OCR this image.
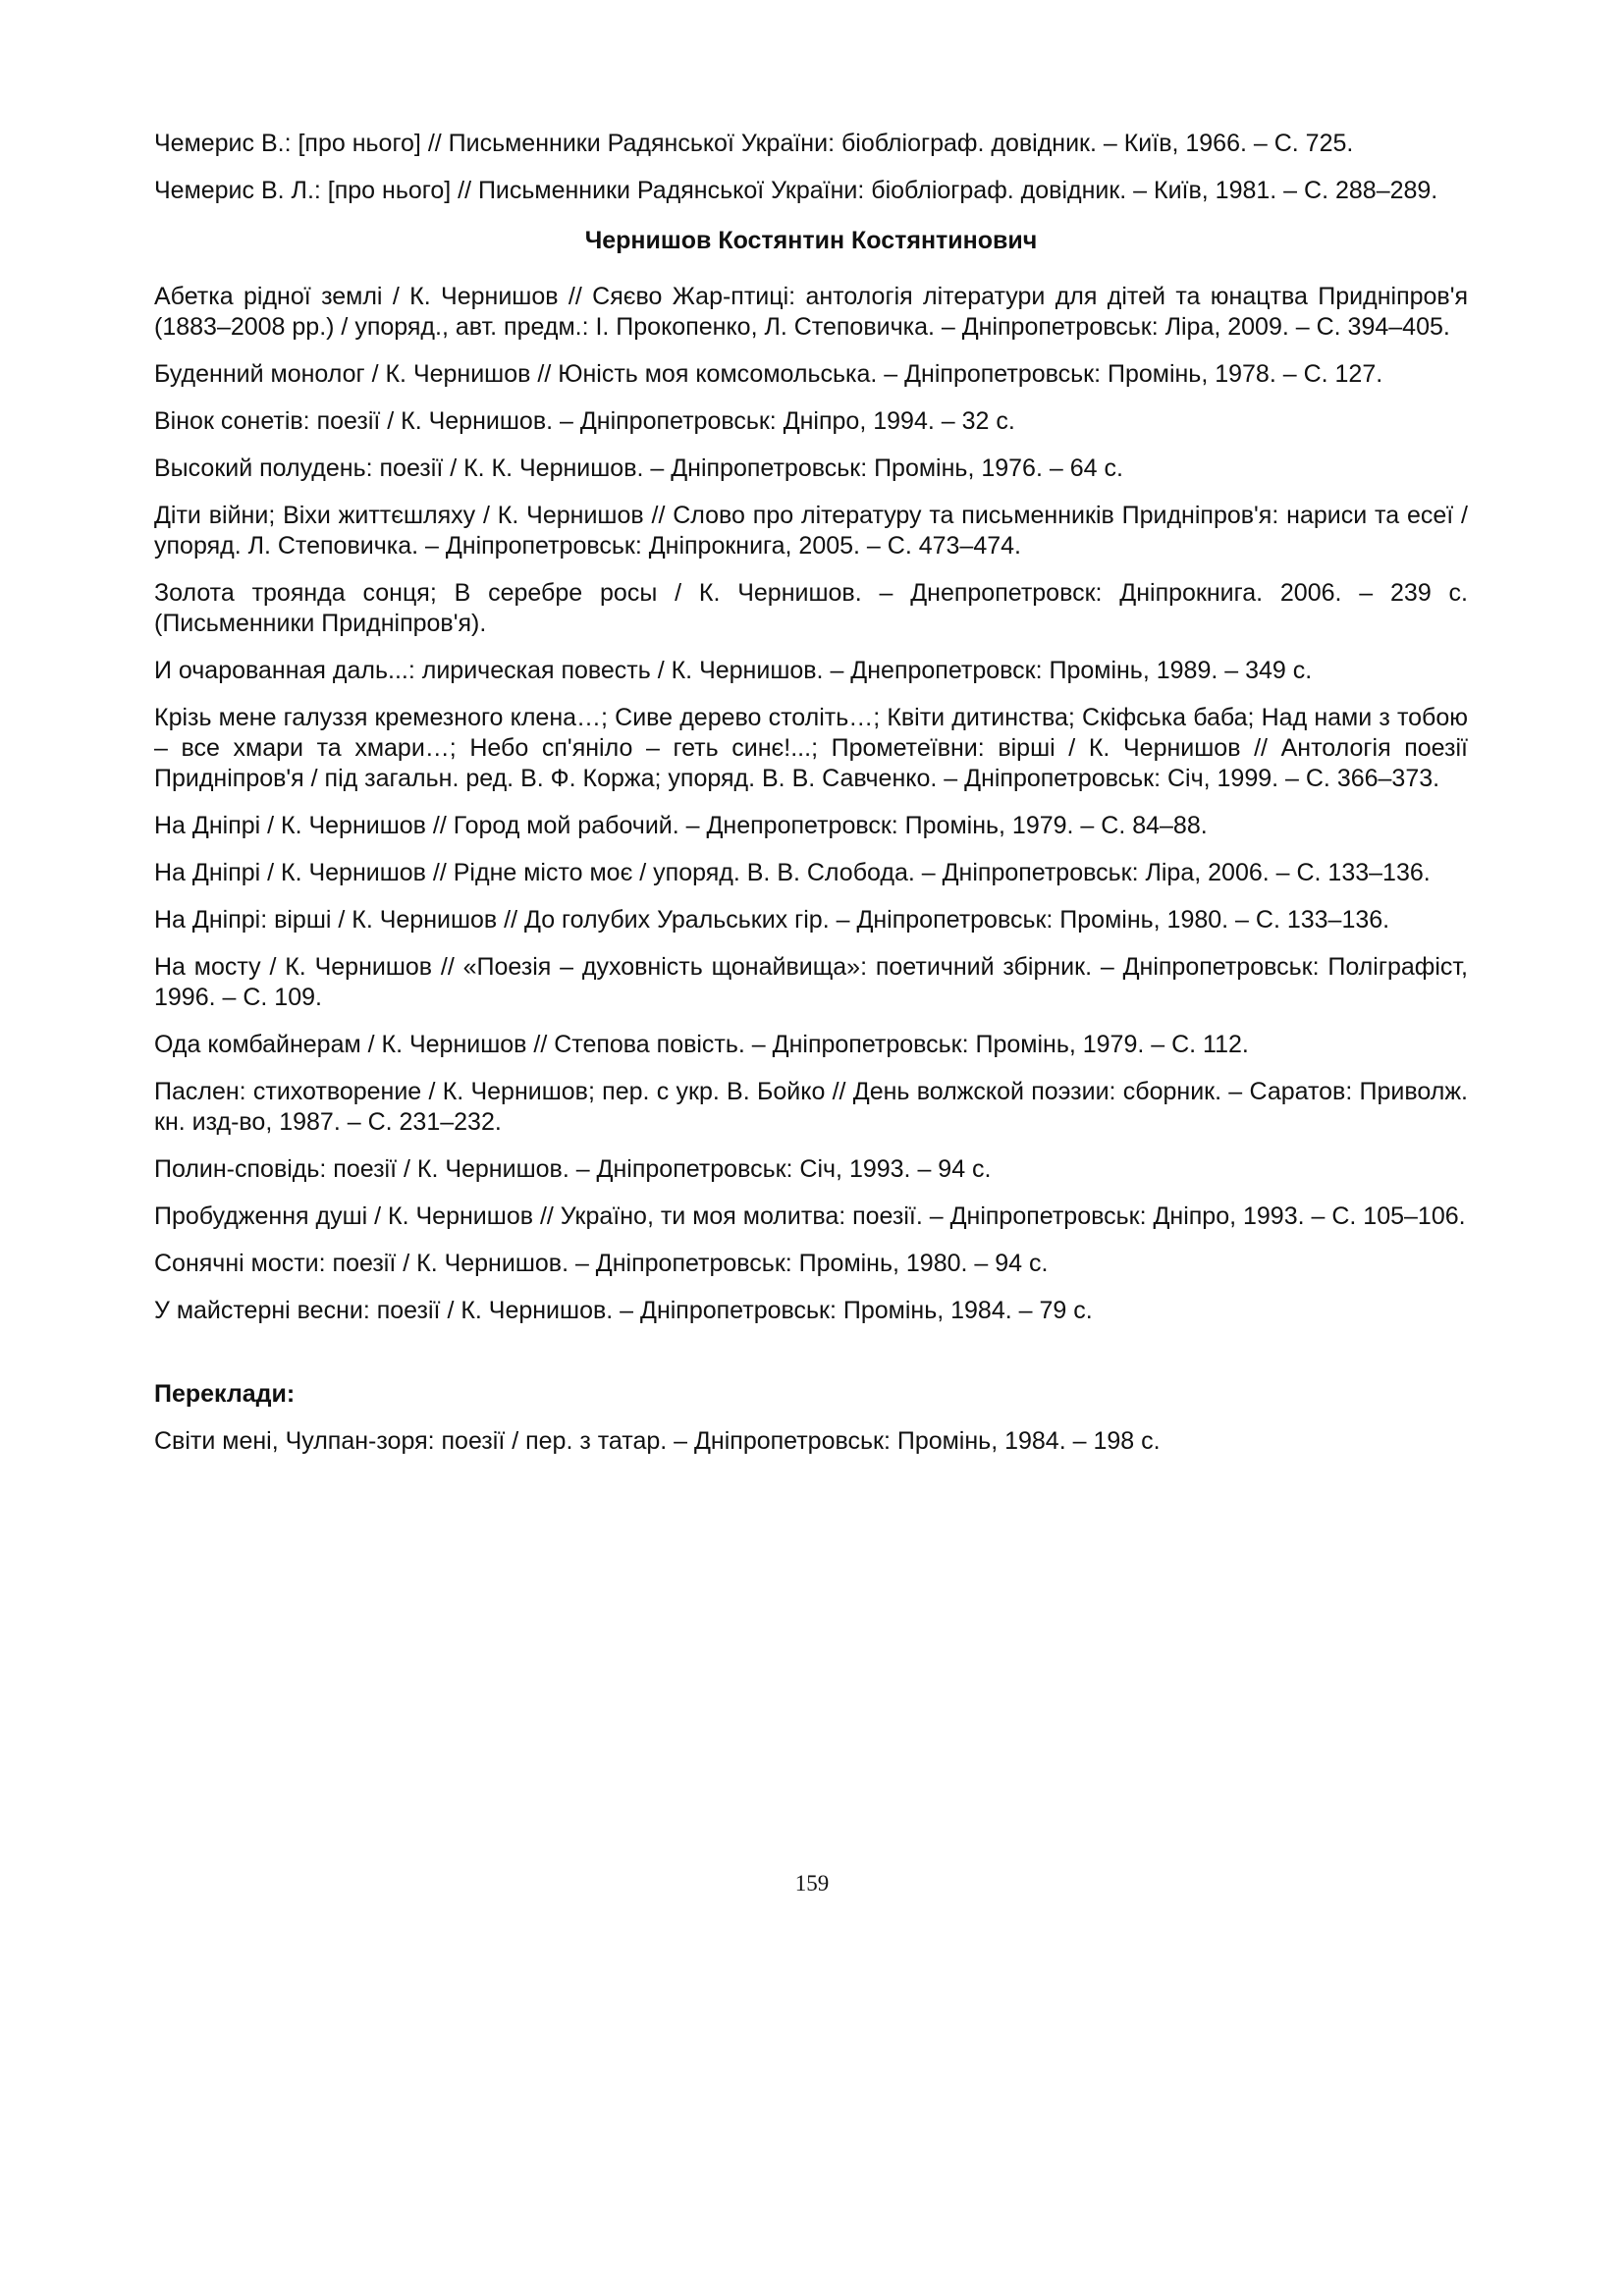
Чемерис В.: [про нього] // Письменники Радянської України: біобліограф. довідник. – Київ, 1966. – С. 725.

Чемерис В. Л.: [про нього] // Письменники Радянської України: біобліограф. довідник. – Київ, 1981. – С. 288–289.

Чернишов Костянтин Костянтинович

Абетка рідної землі / К. Чернишов // Сяєво Жар-птиці: антологія літератури для дітей та юнацтва Придніпров'я (1883–2008 рр.) / упоряд., авт. предм.: І. Прокопенко, Л. Степовичка. – Дніпропетровськ: Ліра, 2009. – С. 394–405.

Буденний монолог / К. Чернишов // Юність моя комсомольська. – Дніпропетровськ: Промінь, 1978. – С. 127.

Вінок сонетів: поезії / К. Чернишов. – Дніпропетровськ: Дніпро, 1994. – 32 с.

Высокий полудень: поезії / К. К. Чернишов. – Дніпропетровськ: Промінь, 1976. – 64 с.

Діти війни; Віхи життєшляху / К. Чернишов // Слово про літературу та письменників Придніпров'я: нариси та есеї / упоряд. Л. Степовичка. – Дніпропетровськ: Дніпрокнига, 2005. – С. 473–474.

Золота троянда сонця; В серебре росы / К. Чернишов. – Днепропетровск: Дніпрокнига. 2006. – 239 с. (Письменники Придніпров'я).

И очарованная даль...: лирическая повесть / К. Чернишов. – Днепропетровск: Промінь, 1989. – 349 с.

Крізь мене галуззя кремезного клена…; Сиве дерево століть…; Квіти дитинства; Скіфська баба; Над нами з тобою – все хмари та хмари…; Небо сп'яніло – геть синє!...; Прометеївни: вірші / К. Чернишов // Антологія поезії Придніпров'я / під загальн. ред. В. Ф. Коржа; упоряд. В. В. Савченко. – Дніпропетровськ: Січ, 1999. – С. 366–373.

На Дніпрі / К. Чернишов // Город мой рабочий. – Днепропетровск: Промінь, 1979. – С. 84–88.

На Дніпрі / К. Чернишов // Рідне місто моє / упоряд. В. В. Слобода. – Дніпропетровськ: Ліра, 2006. – С. 133–136.

На Дніпрі: вірші / К. Чернишов // До голубих Уральських гір. – Дніпропетровськ: Промінь, 1980. – С. 133–136.

На мосту / К. Чернишов // «Поезія – духовність щонайвища»: поетичний збірник. – Дніпропетровськ: Поліграфіст, 1996. – С. 109.

Ода комбайнерам / К. Чернишов // Степова повість. – Дніпропетровськ: Промінь, 1979. – С. 112.

Паслен: стихотворение / К. Чернишов; пер. с укр. В. Бойко // День волжской поэзии: сборник. – Саратов: Приволж. кн. изд-во, 1987. – С. 231–232.

Полин-сповідь: поезії / К. Чернишов. – Дніпропетровськ: Січ, 1993. – 94 с.

Пробудження душі / К. Чернишов // Україно, ти моя молитва: поезії. – Дніпропетровськ: Дніпро, 1993. – С. 105–106.

Сонячні мости: поезії / К. Чернишов. – Дніпропетровськ: Промінь, 1980. – 94 с.

У майстерні весни: поезії / К. Чернишов. – Дніпропетровськ: Промінь, 1984. – 79 с.

Переклади:

Світи мені, Чулпан-зоря: поезії / пер. з татар. – Дніпропетровськ: Промінь, 1984. – 198 с.

159
